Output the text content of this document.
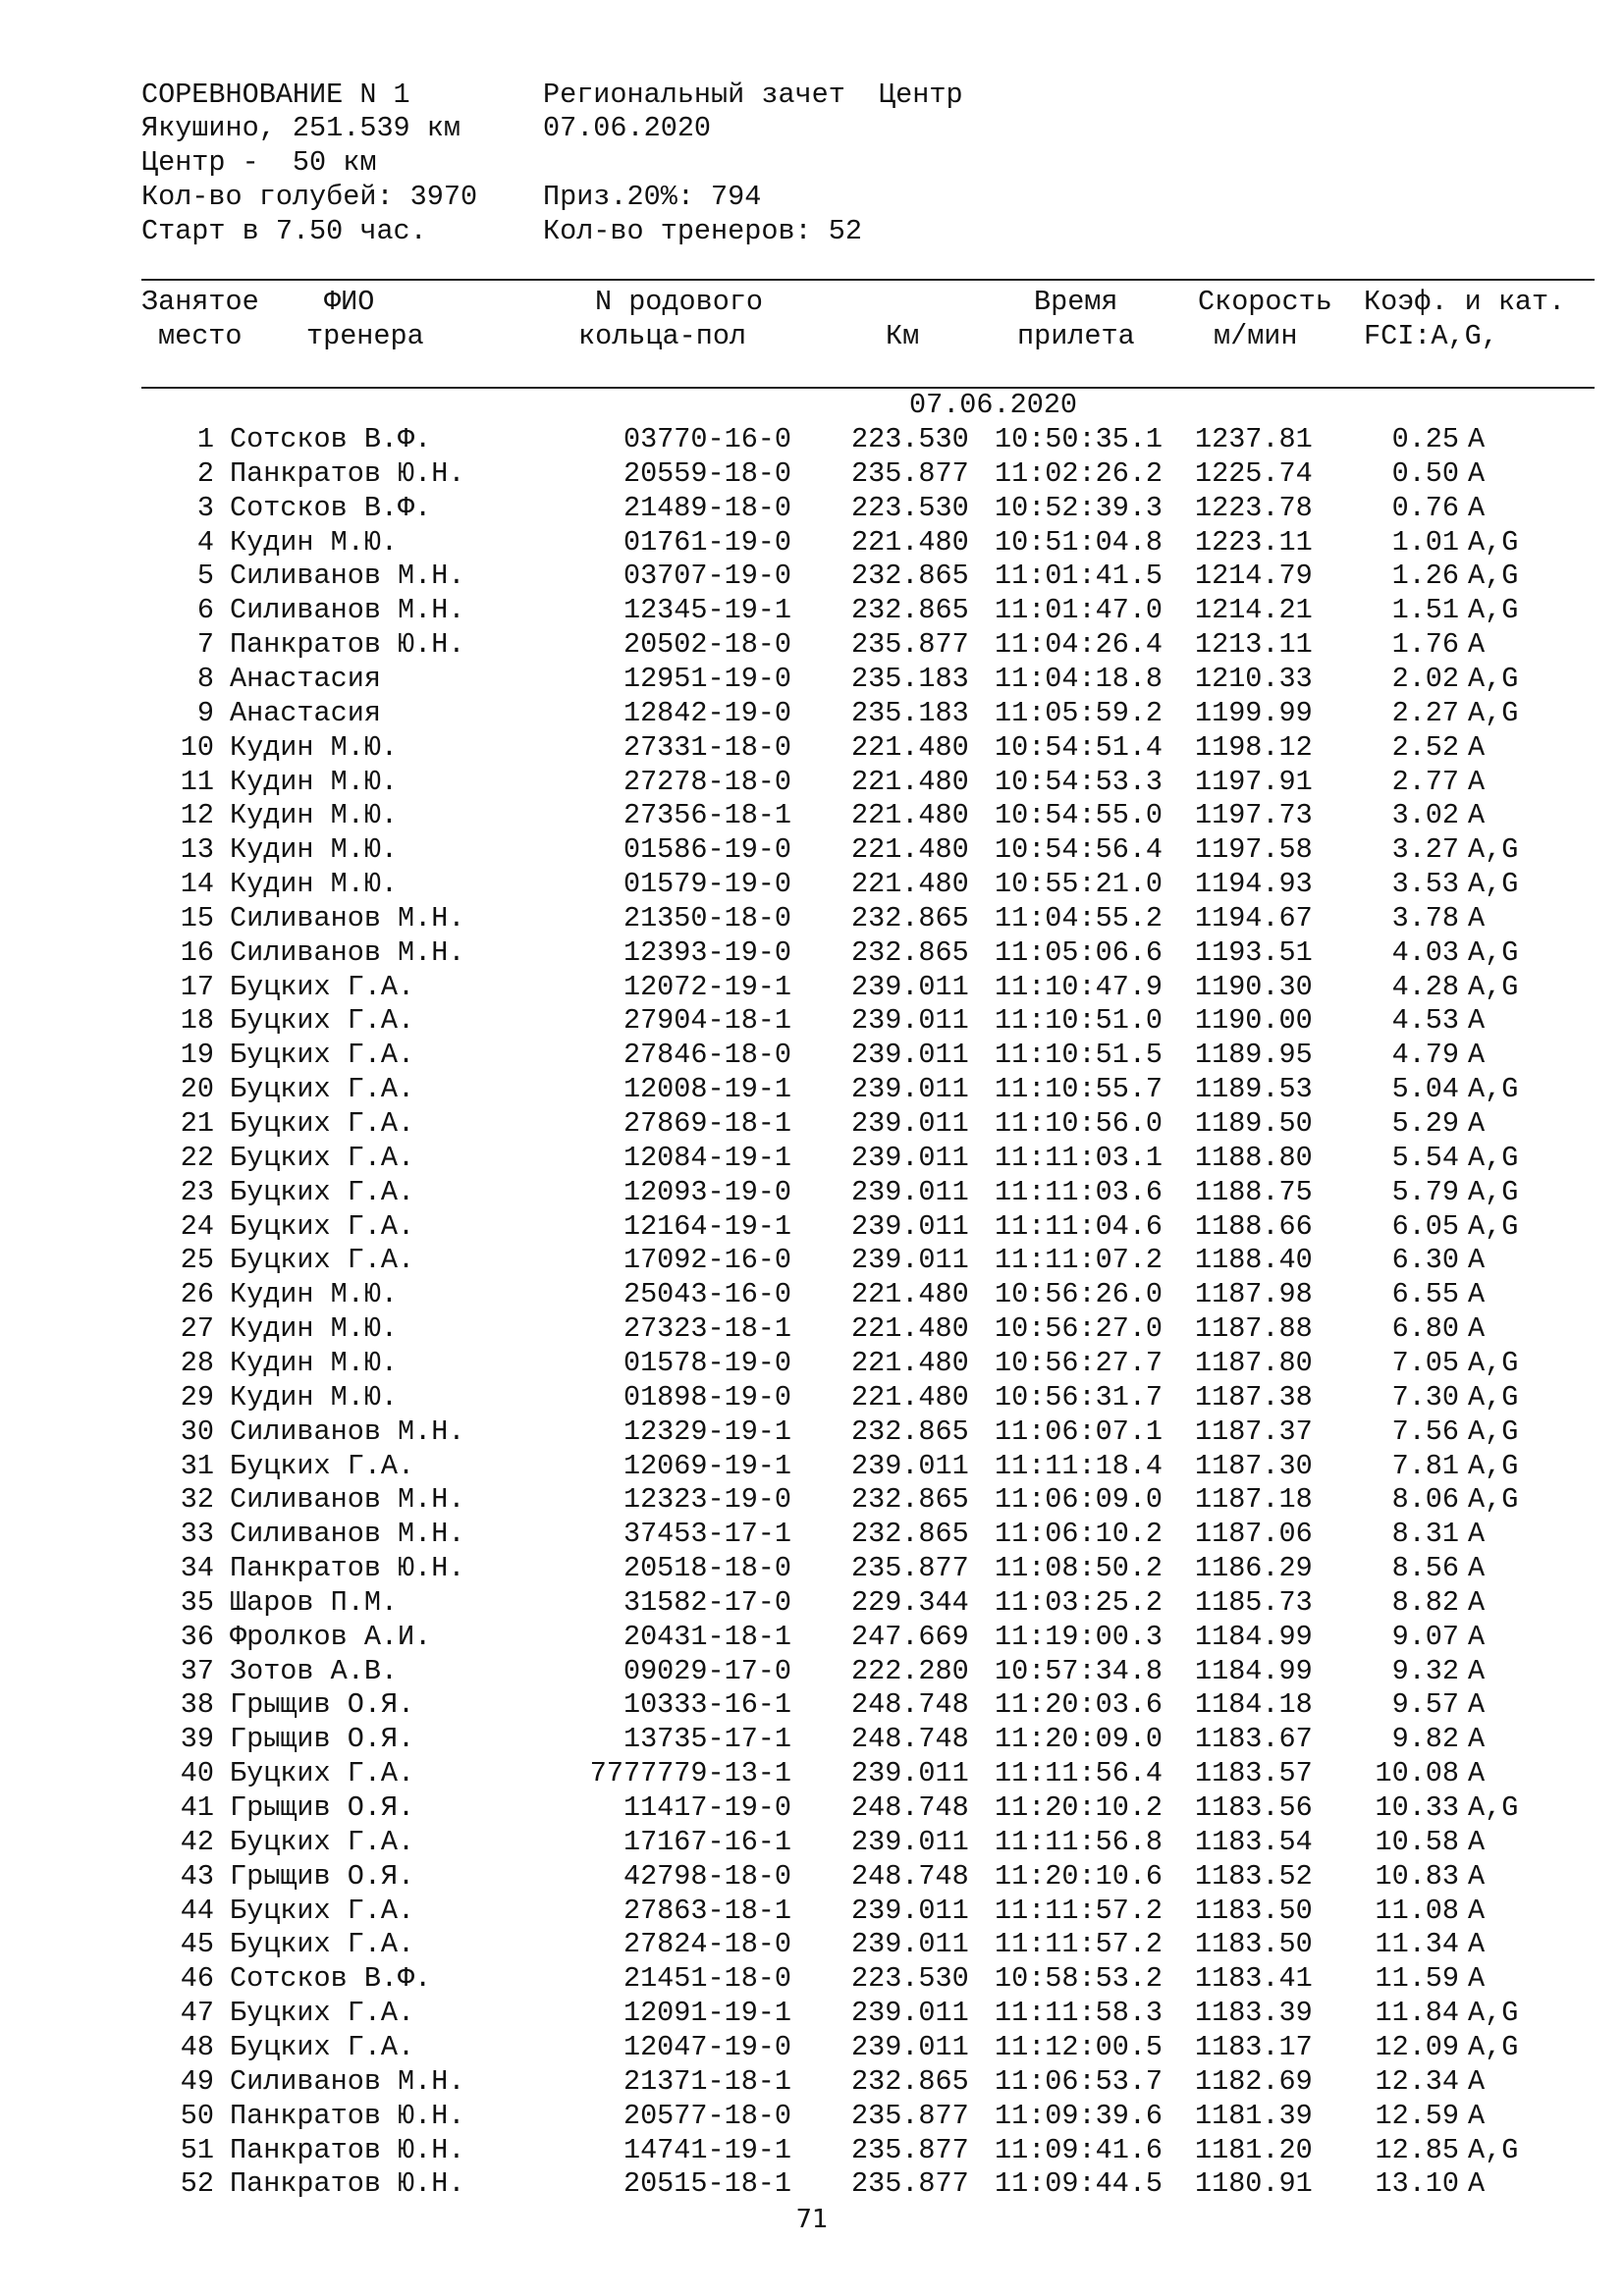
СОРЕВНОВАНИЕ N 1	Региональный зачет  Центр
Якушино, 251.539 км	07.06.2020
Центр -  50 км
Кол-во голубей: 3970 Приз.20%: 794
Старт в 7.50 час.	Кол-во тренеров: 52
Занятое ФИО	N родового	Время	Скорость Коэф. и кат.
место тренера	кольца-пол	Км	прилета	м/мин FCI:A,G,
07.06.2020
1 Сотсков В.Ф.	03770-16-0 223.530 10:50:35.1 1237.81	0.25 A
2 Панкратов Ю.Н.	20559-18-0 235.877 11:02:26.2 1225.74	0.50 A
3 Сотсков В.Ф.	21489-18-0 223.530 10:52:39.3 1223.78	0.76 A
4 Кудин М.Ю.	01761-19-0 221.480 10:51:04.8 1223.11	1.01 A,G
5 Силиванов М.Н.	03707-19-0 232.865 11:01:41.5 1214.79	1.26 A,G
6 Силиванов М.Н.	12345-19-1 232.865 11:01:47.0 1214.21	1.51 A,G
7 Панкратов Ю.Н.	20502-18-0 235.877 11:04:26.4 1213.11	1.76 A
8 Анастасия	12951-19-0 235.183 11:04:18.8 1210.33	2.02 A,G
9 Анастасия	12842-19-0 235.183 11:05:59.2 1199.99	2.27 A,G
10 Кудин М.Ю.	27331-18-0 221.480 10:54:51.4 1198.12	2.52 A
11 Кудин М.Ю.	27278-18-0 221.480 10:54:53.3 1197.91	2.77 A
12 Кудин М.Ю.	27356-18-1 221.480 10:54:55.0 1197.73	3.02 A
13 Кудин М.Ю.	01586-19-0 221.480 10:54:56.4 1197.58	3.27 A,G
14 Кудин М.Ю.	01579-19-0 221.480 10:55:21.0 1194.93	3.53 A,G
15 Силиванов М.Н.	21350-18-0 232.865 11:04:55.2 1194.67	3.78 A
16 Силиванов М.Н.	12393-19-0 232.865 11:05:06.6 1193.51	4.03 A,G
17 Буцких Г.А.	12072-19-1 239.011 11:10:47.9 1190.30	4.28 A,G
18 Буцких Г.А.	27904-18-1 239.011 11:10:51.0 1190.00	4.53 A
19 Буцких Г.А.	27846-18-0 239.011 11:10:51.5 1189.95	4.79 A
20 Буцких Г.А.	12008-19-1 239.011 11:10:55.7 1189.53	5.04 A,G
21 Буцких Г.А.	27869-18-1 239.011 11:10:56.0 1189.50	5.29 A
22 Буцких Г.А.	12084-19-1 239.011 11:11:03.1 1188.80	5.54 A,G
23 Буцких Г.А.	12093-19-0 239.011 11:11:03.6 1188.75	5.79 A,G
24 Буцких Г.А.	12164-19-1 239.011 11:11:04.6 1188.66	6.05 A,G
25 Буцких Г.А.	17092-16-0 239.011 11:11:07.2 1188.40	6.30 A
26 Кудин М.Ю.	25043-16-0 221.480 10:56:26.0 1187.98	6.55 A
27 Кудин М.Ю.	27323-18-1 221.480 10:56:27.0 1187.88	6.80 A
28 Кудин М.Ю.	01578-19-0 221.480 10:56:27.7 1187.80	7.05 A,G
29 Кудин М.Ю.	01898-19-0 221.480 10:56:31.7 1187.38	7.30 A,G
30 Силиванов М.Н.	12329-19-1 232.865 11:06:07.1 1187.37	7.56 A,G
31 Буцких Г.А.	12069-19-1 239.011 11:11:18.4 1187.30	7.81 A,G
32 Силиванов М.Н.	12323-19-0 232.865 11:06:09.0 1187.18	8.06 A,G
33 Силиванов М.Н.	37453-17-1 232.865 11:06:10.2 1187.06	8.31 A
34 Панкратов Ю.Н.	20518-18-0 235.877 11:08:50.2 1186.29	8.56 A
35 Шаров П.М.	31582-17-0 229.344 11:03:25.2 1185.73	8.82 A
36 Фролков А.И.	20431-18-1 247.669 11:19:00.3 1184.99	9.07 A
37 Зотов А.В.	09029-17-0 222.280 10:57:34.8 1184.99	9.32 A
38 Грыщив О.Я.	10333-16-1 248.748 11:20:03.6 1184.18	9.57 A
39 Грыщив О.Я.	13735-17-1 248.748 11:20:09.0 1183.67	9.82 A
40 Буцких Г.А.	7777779-13-1 239.011 11:11:56.4 1183.57	10.08 A
41 Грыщив О.Я.	11417-19-0 248.748 11:20:10.2 1183.56	10.33 A,G
42 Буцких Г.А.	17167-16-1 239.011 11:11:56.8 1183.54	10.58 A
43 Грыщив О.Я.	42798-18-0 248.748 11:20:10.6 1183.52	10.83 A
44 Буцких Г.А.	27863-18-1 239.011 11:11:57.2 1183.50	11.08 A
45 Буцких Г.А.	27824-18-0 239.011 11:11:57.2 1183.50	11.34 A
46 Сотсков В.Ф.	21451-18-0 223.530 10:58:53.2 1183.41	11.59 A
47 Буцких Г.А.	12091-19-1 239.011 11:11:58.3 1183.39	11.84 A,G
48 Буцких Г.А.	12047-19-0 239.011 11:12:00.5 1183.17	12.09 A,G
49 Силиванов М.Н.	21371-18-1 232.865 11:06:53.7 1182.69	12.34 A
50 Панкратов Ю.Н.	20577-18-0 235.877 11:09:39.6 1181.39	12.59 A
51 Панкратов Ю.Н.	14741-19-1 235.877 11:09:41.6 1181.20	12.85 A,G
52 Панкратов Ю.Н.	20515-18-1 235.877 11:09:44.5 1180.91	13.10 A
71
